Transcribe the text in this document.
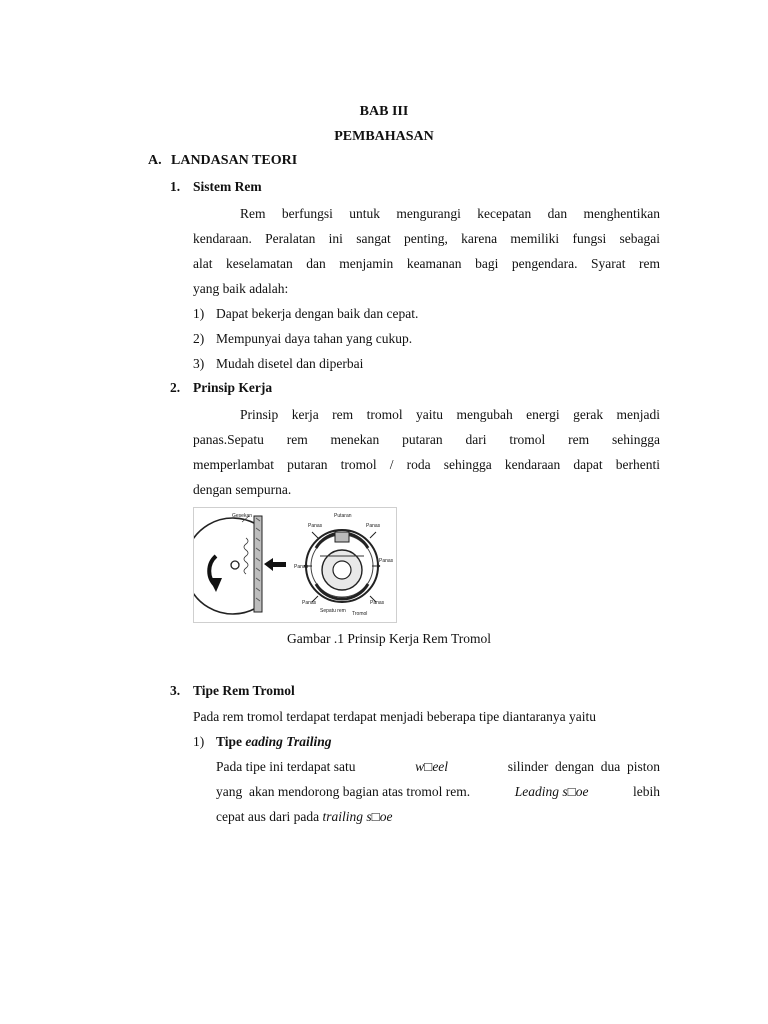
BAB III
PEMBAHASAN
A. LANDASAN TEORI
1. Sistem Rem
Rem berfungsi untuk mengurangi kecepatan dan menghentikan
kendaraan. Peralatan ini sangat penting, karena memiliki fungsi sebagai
alat keselamatan dan menjamin keamanan bagi pengendara. Syarat rem
yang baik adalah:
1) Dapat bekerja dengan baik dan cepat.
2) Mempunyai daya tahan yang cukup.
3) Mudah disetel dan diperbai
2. Prinsip Kerja
Prinsip kerja rem tromol yaitu mengubah energi gerak menjadi
panas.Sepatu rem menekan putaran dari tromol rem sehingga
memperlambat putaran tromol / roda sehingga kendaraan dapat berhenti
dengan sempurna.
Gesekan	Putaran
Panas	Panas
Panas
Panas
Panas	Panas
Sepatu rem Tromol
Gambar .1 Prinsip Kerja Rem Tromol
3. Tipe Rem Tromol
Pada rem tromol terdapat terdapat menjadi beberapa tipe diantaranya yaitu
1) Tipe eading Trailing
Pada tipe ini terdapat satu	w□eel	silinder  dengan  dua  piston
yang  akan mendorong bagian atas tromol rem.	Leading s□oe	lebih
cepat aus dari pada trailing s□oe
